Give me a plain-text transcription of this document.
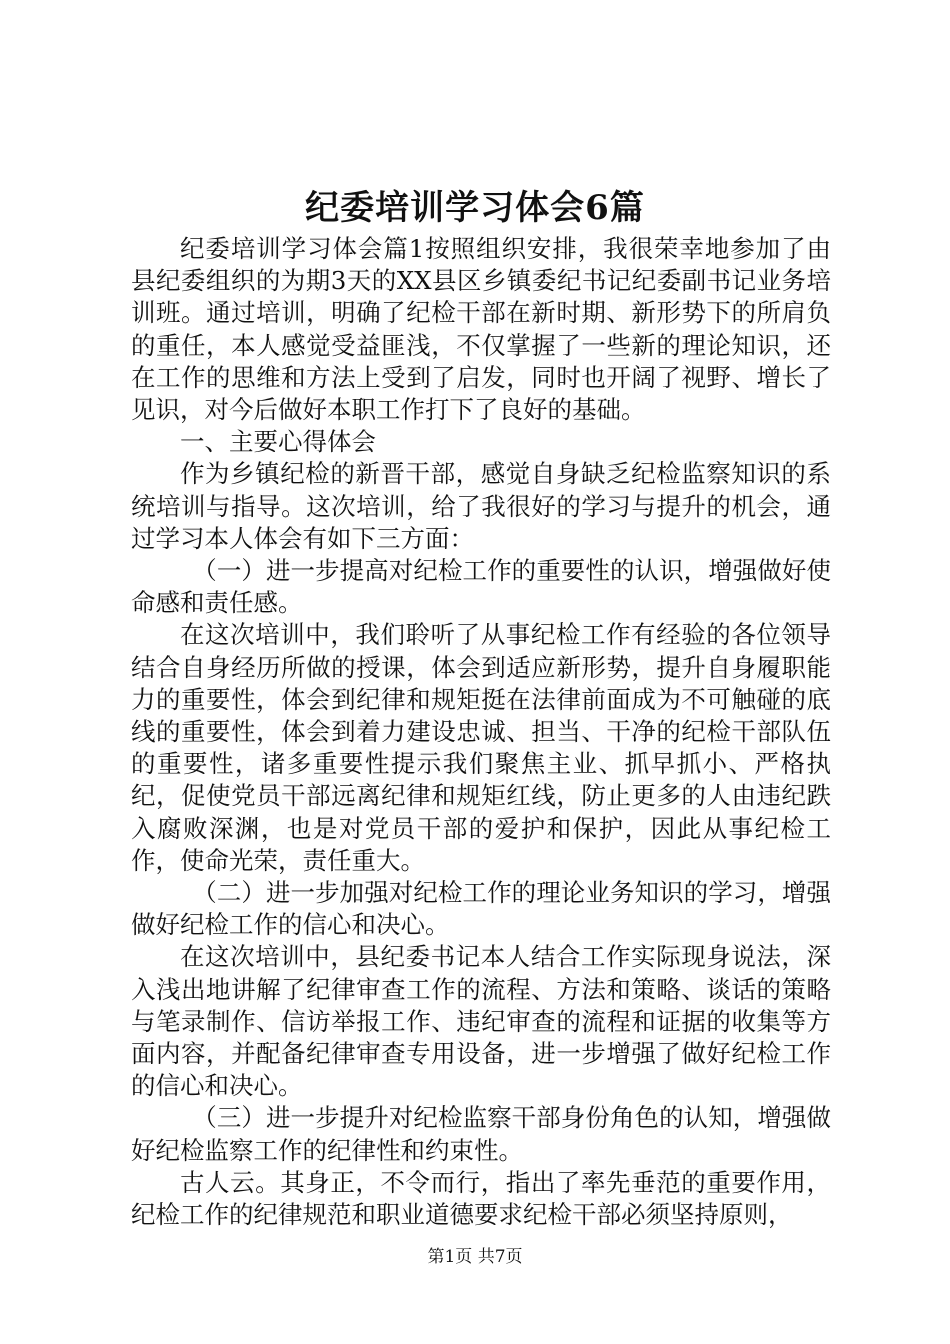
纪委培训学习体会6篇

纪委培训学习体会篇1按照组织安排，我很荣幸地参加了由县纪委组织的为期3天的XX县区乡镇委纪书记纪委副书记业务培训班。通过培训，明确了纪检干部在新时期、新形势下的所肩负的重任，本人感觉受益匪浅，不仅掌握了一些新的理论知识，还在工作的思维和方法上受到了启发，同时也开阔了视野、增长了见识，对今后做好本职工作打下了良好的基础。

一、主要心得体会

作为乡镇纪检的新晋干部，感觉自身缺乏纪检监察知识的系统培训与指导。这次培训，给了我很好的学习与提升的机会，通过学习本人体会有如下三方面：

（一）进一步提高对纪检工作的重要性的认识，增强做好使命感和责任感。

在这次培训中，我们聆听了从事纪检工作有经验的各位领导结合自身经历所做的授课，体会到适应新形势，提升自身履职能力的重要性，体会到纪律和规矩挺在法律前面成为不可触碰的底线的重要性，体会到着力建设忠诚、担当、干净的纪检干部队伍的重要性，诸多重要性提示我们聚焦主业、抓早抓小、严格执纪，促使党员干部远离纪律和规矩红线，防止更多的人由违纪跌入腐败深渊，也是对党员干部的爱护和保护，因此从事纪检工作，使命光荣，责任重大。

（二）进一步加强对纪检工作的理论业务知识的学习，增强做好纪检工作的信心和决心。

在这次培训中，县纪委书记本人结合工作实际现身说法，深入浅出地讲解了纪律审查工作的流程、方法和策略、谈话的策略与笔录制作、信访举报工作、违纪审查的流程和证据的收集等方面内容，并配备纪律审查专用设备，进一步增强了做好纪检工作的信心和决心。

（三）进一步提升对纪检监察干部身份角色的认知，增强做好纪检监察工作的纪律性和约束性。

古人云。其身正，不令而行，指出了率先垂范的重要作用，纪检工作的纪律规范和职业道德要求纪检干部必须坚持原则，

第1页 共7页
